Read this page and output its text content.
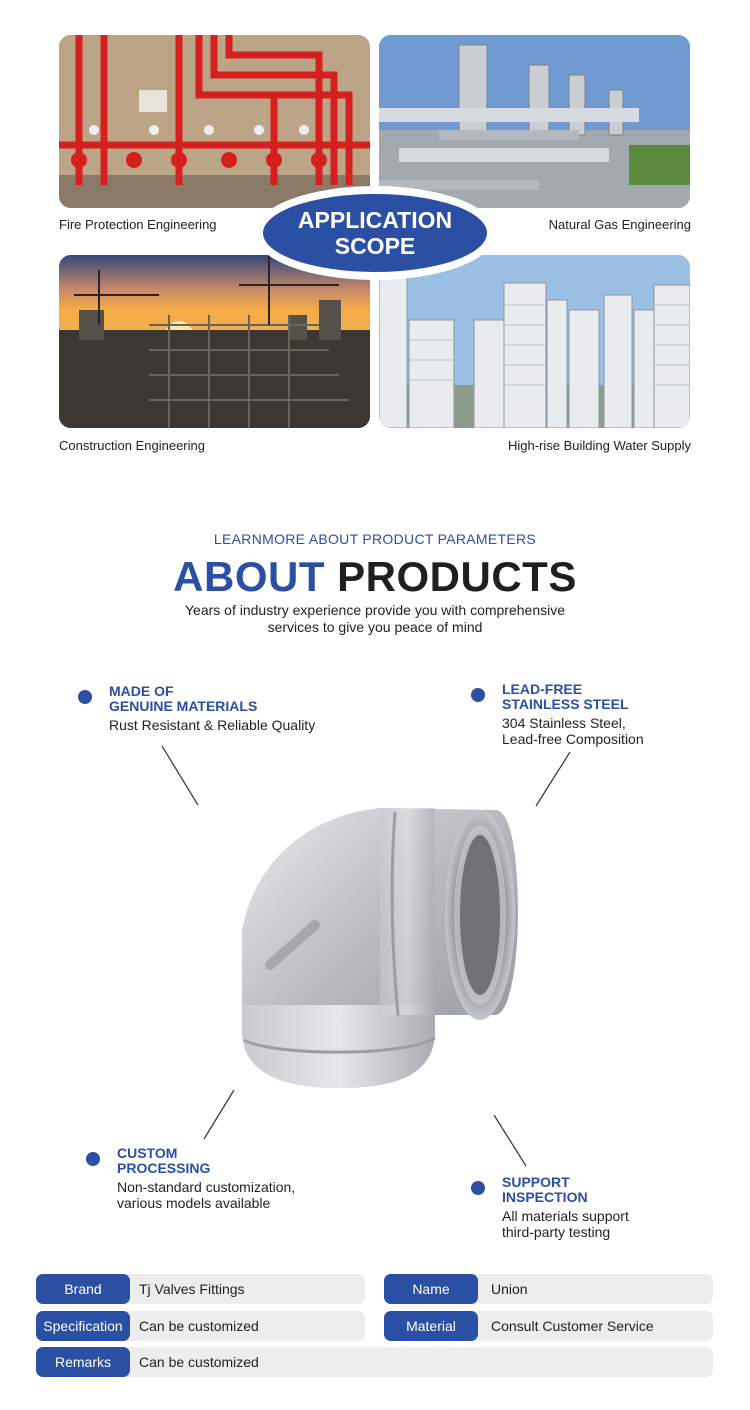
Fire Protection Engineering	Natural Gas Engineering
Construction Engineering	High-rise Building Water Supply
APPLICATION
SCOPE
LEARNMORE ABOUT PRODUCT PARAMETERS
ABOUT PRODUCTS
Years of industry experience provide you with comprehensive
services to give you peace of mind
MADE OF
GENUINE MATERIALS
Rust Resistant & Reliable Quality
LEAD-FREE
STAINLESS STEEL
304 Stainless Steel,
Lead-free Composition
CUSTOM
PROCESSING
Non-standard customization,
various models available
SUPPORT
INSPECTION
All materials support
third-party testing
Brand	Tj Valves Fittings	Name	Union
Specification	Can be customized	Material	Consult Customer Service
Remarks	Can be customized
